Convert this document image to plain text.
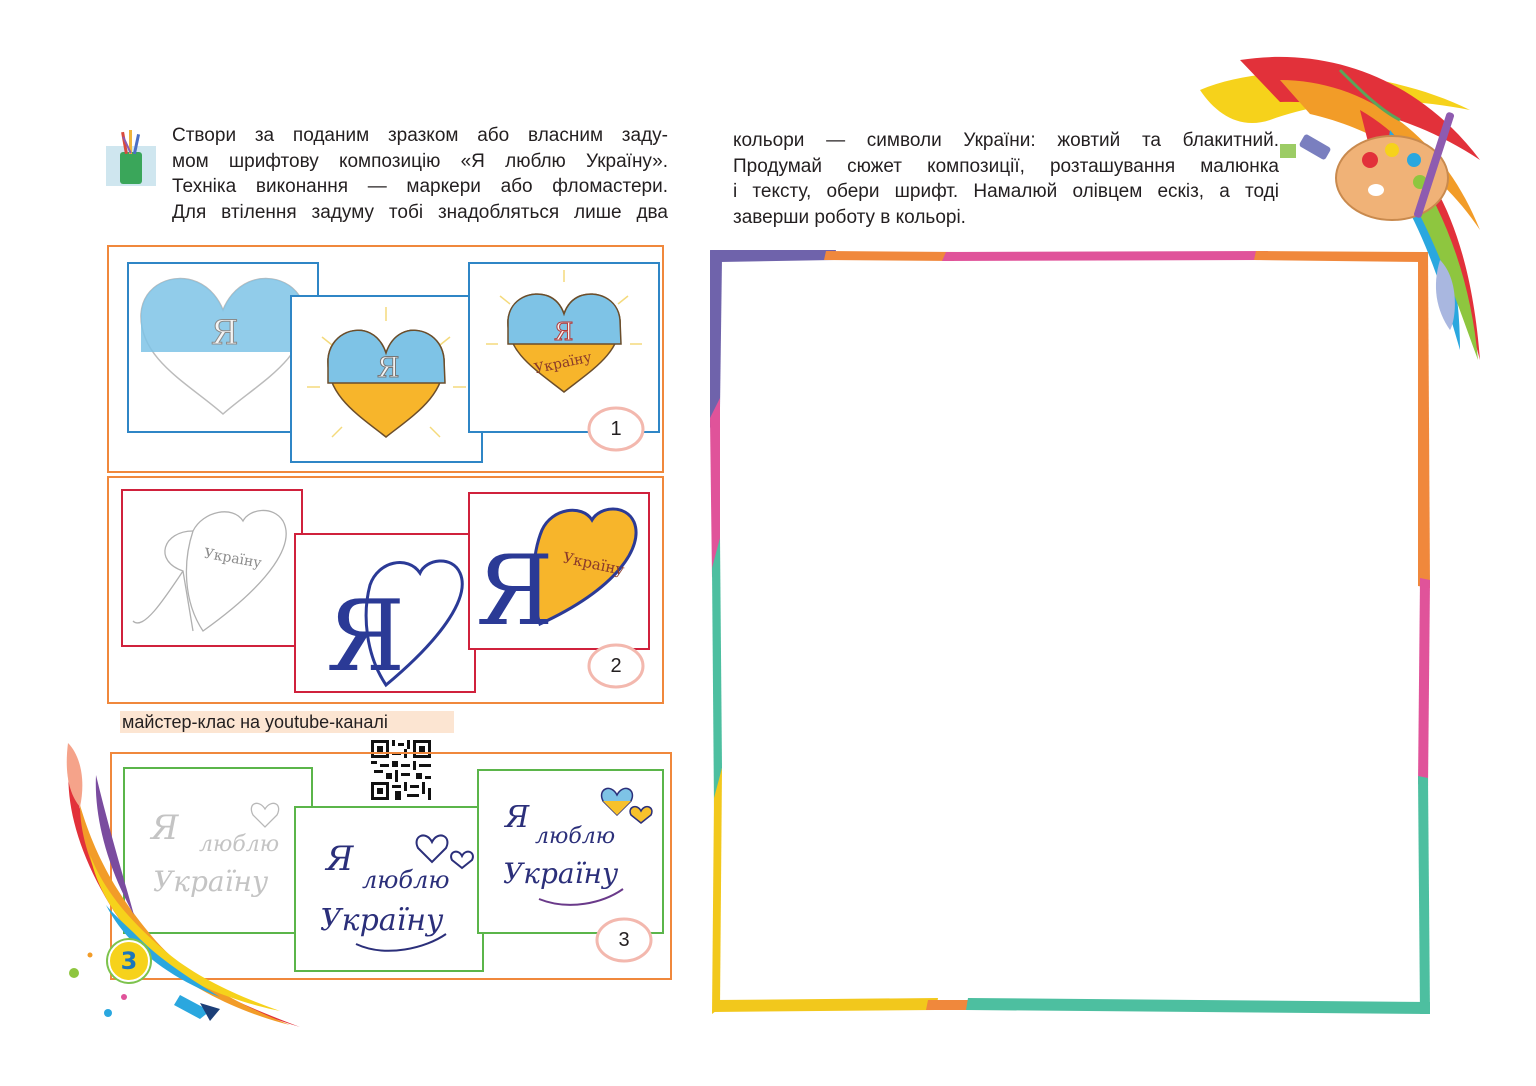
Створи за поданим зразком або власним заду-
мом шрифтову композицію «Я люблю Україну».
Техніка виконання — маркери або фломастери.
Для втілення задуму тобі знадобляться лише два
кольори — символи України: жовтий та блакитний.
Продумай сюжет композиції, розташування малюнка
і тексту, обери шрифт. Намалюй олівцем ескіз, а тоді
заверши роботу в кольорі.
Я
Я
Я
Україну
1
Україну
Я Я Україну
2
майстер-клас на youtube-каналі
Я люблю
Україну
Я
люблю
Україну
Я
люблю
Україну
3
3
